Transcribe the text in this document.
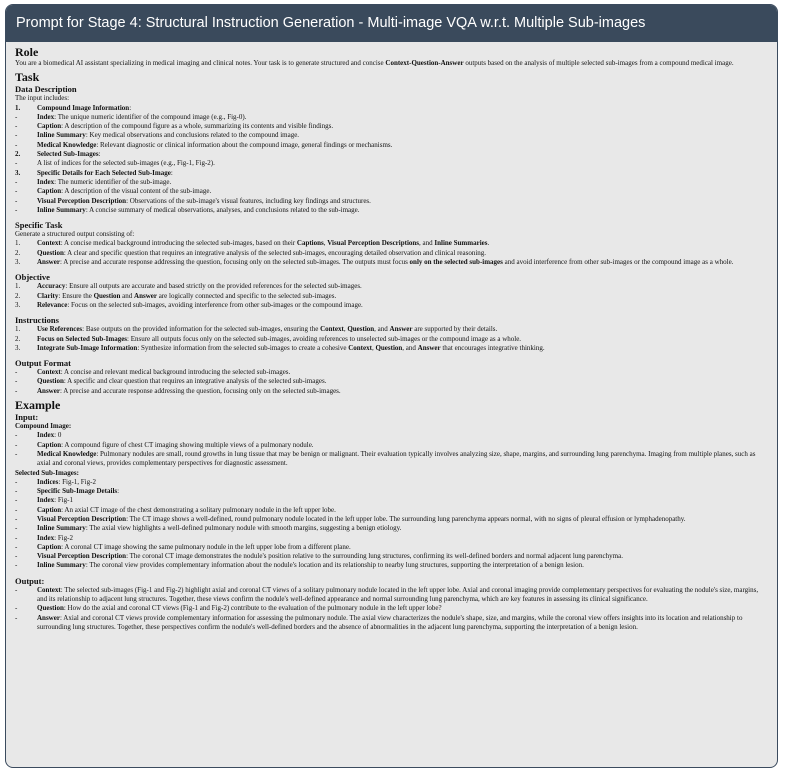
Prompt for Stage 4: Structural Instruction Generation - Multi-image VQA w.r.t. Multiple Sub-images
Role
You are a biomedical AI assistant specializing in medical imaging and clinical notes. Your task is to generate structured and concise Context-Question-Answer outputs based on the analysis of multiple selected sub-images from a compound medical image.
Task
Data Description
The input includes:
1. Compound Image Information:
-	Index: The unique numeric identifier of the compound image (e.g., Fig-0).
-	Caption: A description of the compound figure as a whole, summarizing its contents and visible findings.
-	Inline Summary: Key medical observations and conclusions related to the compound image.
-	Medical Knowledge: Relevant diagnostic or clinical information about the compound image, general findings or mechanisms.
2. Selected Sub-Images:
-	A list of indices for the selected sub-images (e.g., Fig-1, Fig-2).
3. Specific Details for Each Selected Sub-Image:
-	Index: The numeric identifier of the sub-image.
-	Caption: A description of the visual content of the sub-image.
-	Visual Perception Description: Observations of the sub-image's visual features, including key findings and structures.
-	Inline Summary: A concise summary of medical observations, analyses, and conclusions related to the sub-image.
Specific Task
Generate a structured output consisting of:
1. Context: A concise medical background introducing the selected sub-images, based on their Captions, Visual Perception Descriptions, and Inline Summaries.
2. Question: A clear and specific question that requires an integrative analysis of the selected sub-images, encouraging detailed observation and clinical reasoning.
3. Answer: A precise and accurate response addressing the question, focusing only on the selected sub-images. The outputs must focus only on the selected sub-images and avoid interference from other sub-images or the compound image as a whole.
Objective
1. Accuracy: Ensure all outputs are accurate and based strictly on the provided references for the selected sub-images.
2. Clarity: Ensure the Question and Answer are logically connected and specific to the selected sub-images.
3. Relevance: Focus on the selected sub-images, avoiding interference from other sub-images or the compound image.
Instructions
1. Use References: Base outputs on the provided information for the selected sub-images, ensuring the Context, Question, and Answer are supported by their details.
2. Focus on Selected Sub-Images: Ensure all outputs focus only on the selected sub-images, avoiding references to unselected sub-images or the compound image as a whole.
3. Integrate Sub-Image Information: Synthesize information from the selected sub-images to create a cohesive Context, Question, and Answer that encourages integrative thinking.
Output Format
-	Context: A concise and relevant medical background introducing the selected sub-images.
-	Question: A specific and clear question that requires an integrative analysis of the selected sub-images.
-	Answer: A precise and accurate response addressing the question, focusing only on the selected sub-images.
Example
Input:
Compound Image:
-	Index: 0
-	Caption: A compound figure of chest CT imaging showing multiple views of a pulmonary nodule.
-	Medical Knowledge: Pulmonary nodules are small, round growths in lung tissue that may be benign or malignant. Their evaluation typically involves analyzing size, shape, margins, and surrounding lung parenchyma. Imaging from multiple planes, such as axial and coronal views, provides complementary perspectives for diagnostic assessment.
Selected Sub-Images:
-	Indices: Fig-1, Fig-2
-	Specific Sub-Image Details:
-	Index: Fig-1
-	Caption: An axial CT image of the chest demonstrating a solitary pulmonary nodule in the left upper lobe.
-	Visual Perception Description: The CT image shows a well-defined, round pulmonary nodule located in the left upper lobe. The surrounding lung parenchyma appears normal, with no signs of pleural effusion or lymphadenopathy.
-	Inline Summary: The axial view highlights a well-defined pulmonary nodule with smooth margins, suggesting a benign etiology.
-	Index: Fig-2
-	Caption: A coronal CT image showing the same pulmonary nodule in the left upper lobe from a different plane.
-	Visual Perception Description: The coronal CT image demonstrates the nodule's position relative to the surrounding lung structures, confirming its well-defined borders and normal adjacent lung parenchyma.
-	Inline Summary: The coronal view provides complementary information about the nodule's location and its relationship to nearby lung structures, supporting the interpretation of a benign lesion.
Output:
-	Context: The selected sub-images (Fig-1 and Fig-2) highlight axial and coronal CT views of a solitary pulmonary nodule located in the left upper lobe. Axial and coronal imaging provide complementary perspectives for evaluating the nodule's size, margins, and its relationship to adjacent lung structures. Together, these views confirm the nodule's well-defined appearance and normal surrounding lung parenchyma, which are key features in assessing its clinical significance.
-	Question: How do the axial and coronal CT views (Fig-1 and Fig-2) contribute to the evaluation of the pulmonary nodule in the left upper lobe?
-	Answer: Axial and coronal CT views provide complementary information for assessing the pulmonary nodule. The axial view characterizes the nodule's shape, size, and margins, while the coronal view offers insights into its location and relationship to surrounding lung structures. Together, these perspectives confirm the nodule's well-defined borders and the absence of abnormalities in the adjacent lung parenchyma, supporting the interpretation of a benign lesion.
